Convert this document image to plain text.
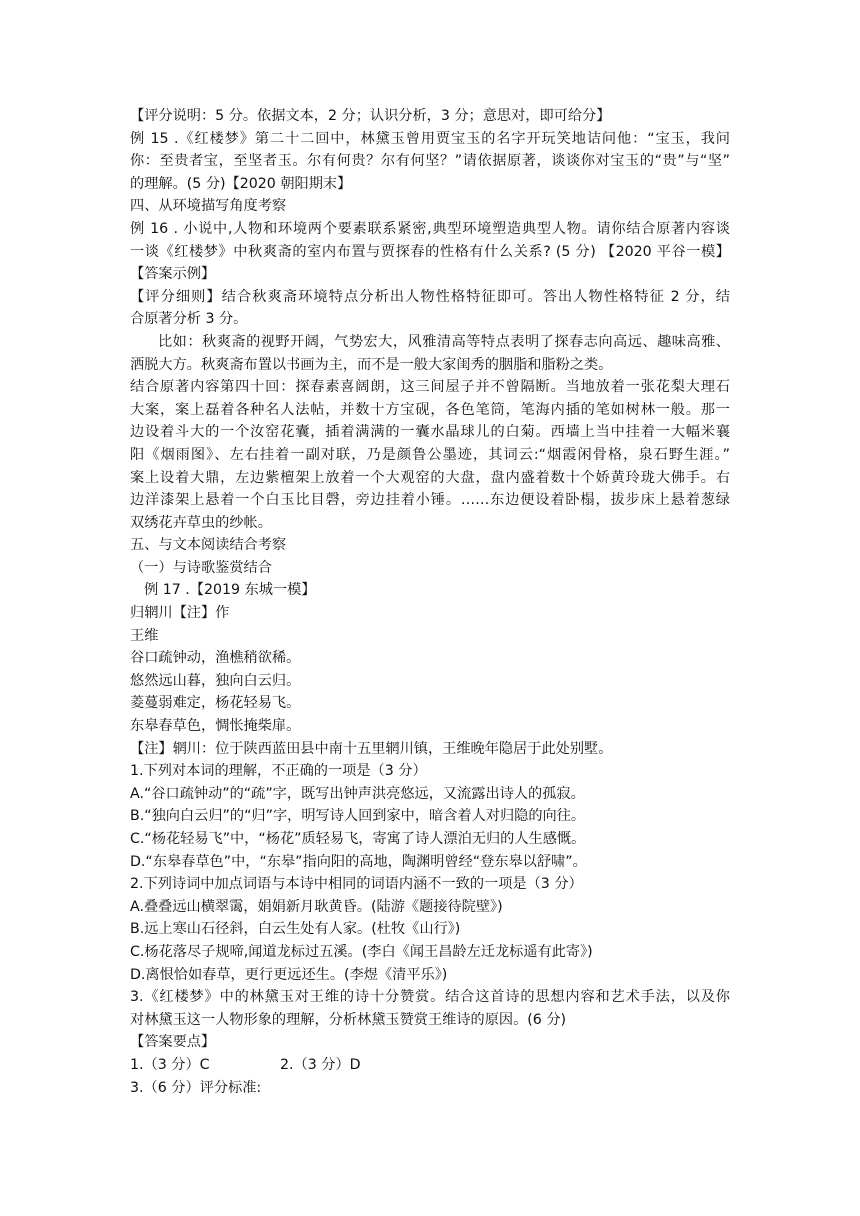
【评分说明：5 分。依据文本，2 分；认识分析，3 分；意思对，即可给分】
例 15 .《红楼梦》第二十二回中，林黛玉曾用贾宝玉的名字开玩笑地诘问他：“宝玉，我问
你：至贵者宝，至坚者玉。尔有何贵？尔有何坚？”请依据原著，谈谈你对宝玉的“贵”与“坚”
的理解。(5 分)【2020 朝阳期末】
四、从环境描写角度考察
例 16 . 小说中,人物和环境两个要素联系紧密,典型环境塑造典型人物。请你结合原著内容谈
一谈《红楼梦》中秋爽斋的室内布置与贾探春的性格有什么关系? (5 分) 【2020 平谷一模】
【答案示例】
【评分细则】结合秋爽斋环境特点分析出人物性格特征即可。答出人物性格特征 2 分，结
合原著分析 3 分。
比如：秋爽斋的视野开阔，气势宏大，风雅清高等特点表明了探春志向高远、趣味高雅、
洒脱大方。秋爽斋布置以书画为主，而不是一般大家闺秀的胭脂和脂粉之类。
结合原著内容第四十回：探春素喜阔朗，这三间屋子并不曾隔断。当地放着一张花梨大理石
大案，案上磊着各种名人法帖，并数十方宝砚，各色笔筒，笔海内插的笔如树林一般。那一
边设着斗大的一个汝窑花囊，插着满满的一囊水晶球儿的白菊。西墙上当中挂着一大幅米襄
阳《烟雨图》、左右挂着一副对联，乃是颜鲁公墨迹，其词云:“烟霞闲骨格，泉石野生涯。”
案上设着大鼎，左边紫檀架上放着一个大观窑的大盘，盘内盛着数十个娇黄玲珑大佛手。右
边洋漆架上悬着一个白玉比目磬，旁边挂着小锤。……东边便设着卧榻，拔步床上悬着葱绿
双绣花卉草虫的纱帐。
五、与文本阅读结合考察
（一）与诗歌鉴赏结合
例 17 .【2019 东城一模】
归辋川【注】作
王维
谷口疏钟动，渔樵稍欲稀。
悠然远山暮，独向白云归。
菱蔓弱难定，杨花轻易飞。
东皋春草色，惆怅掩柴扉。
【注】辋川：位于陕西蓝田县中南十五里辋川镇，王维晚年隐居于此处别墅。
1.下列对本词的理解，不正确的一项是（3 分）
A.“谷口疏钟动”的“疏”字，既写出钟声洪亮悠远，又流露出诗人的孤寂。
B.“独向白云归”的“归”字，明写诗人回到家中，暗含着人对归隐的向往。
C.“杨花轻易飞”中，“杨花”质轻易飞，寄寓了诗人漂泊无归的人生感慨。
D.“东皋春草色”中，“东皋”指向阳的高地，陶渊明曾经“登东皋以舒啸”。
2.下列诗词中加点词语与本诗中相同的词语内涵不一致的一项是（3 分）
A.叠叠远山横翠霭，娟娟新月耿黄昏。(陆游《题接待院壁》)
B.远上寒山石径斜，白云生处有人家。(杜牧《山行》)
C.杨花落尽子规啼,闻道龙标过五溪。(李白《闻王昌龄左迁龙标遥有此寄》)
D.离恨恰如春草，更行更远还生。(李煜《清平乐》)
3.《红楼梦》中的林黛玉对王维的诗十分赞赏。结合这首诗的思想内容和艺术手法，以及你
对林黛玉这一人物形象的理解，分析林黛玉赞赏王维诗的原因。(6 分)
【答案要点】
1.（3 分）C	2.（3 分）D
3.（6 分）评分标准:
